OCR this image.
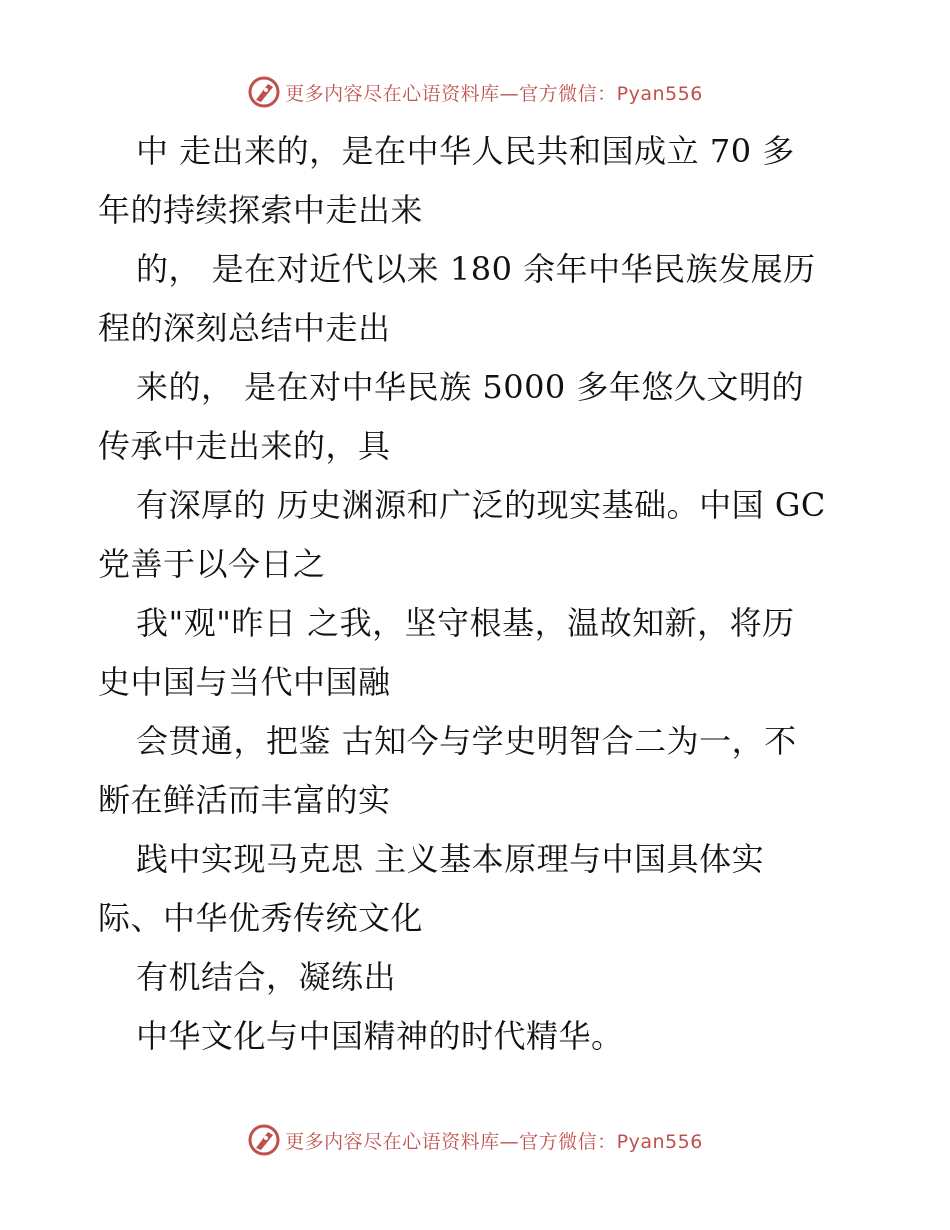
更多内容尽在心语资料库—官方微信：Pyan556
中 走出来的，是在中华人民共和国成立 70 多
年的持续探索中走出来
的， 是在对近代以来 180 余年中华民族发展历
程的深刻总结中走出
来的， 是在对中华民族 5000 多年悠久文明的
传承中走出来的，具
有深厚的 历史渊源和广泛的现实基础。中国 GC
党善于以今日之
我"观"昨日 之我，坚守根基，温故知新，将历
史中国与当代中国融
会贯通，把鉴 古知今与学史明智合二为一，不
断在鲜活而丰富的实
践中实现马克思 主义基本原理与中国具体实
际、中华优秀传统文化
有机结合，凝练出
中华文化与中国精神的时代精华。
更多内容尽在心语资料库—官方微信：Pyan556
